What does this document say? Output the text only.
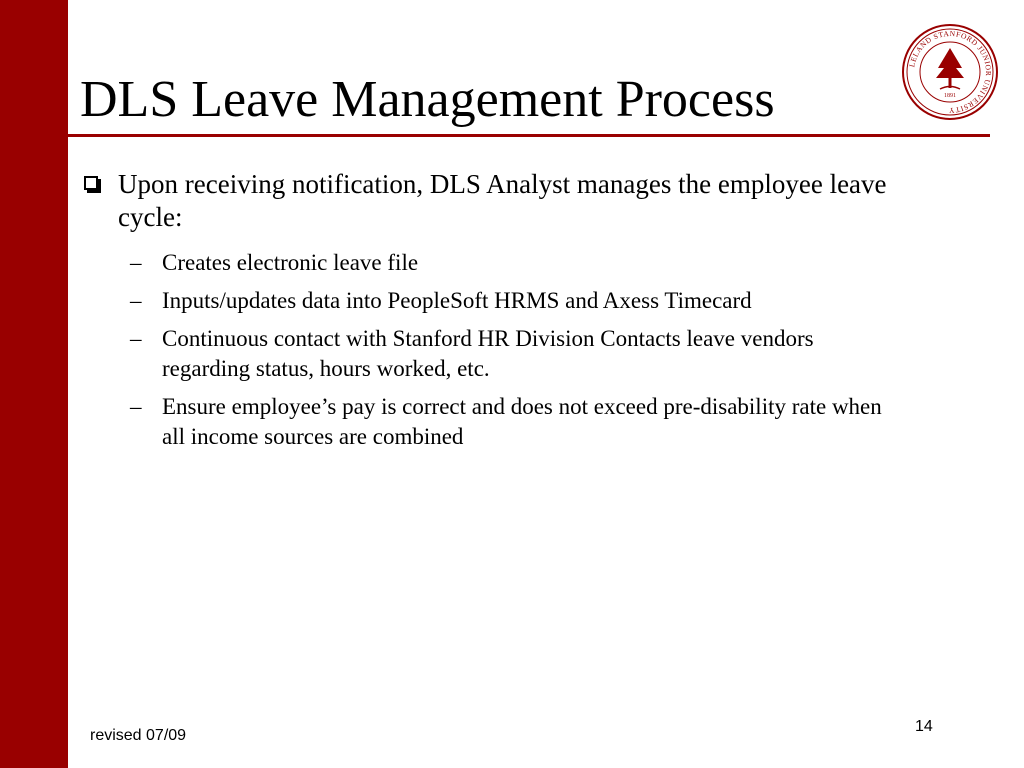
DLS Leave Management Process
LELAND STANFORD JUNIOR UNIVERSITY
1891
Upon receiving notification, DLS Analyst manages the employee leave cycle:
– Creates electronic leave file
– Inputs/updates data into PeopleSoft HRMS and Axess Timecard
– Continuous contact with Stanford HR Division Contacts leave vendors regarding status, hours worked, etc.
– Ensure employee’s pay is correct and does not exceed pre-disability rate when all income sources are combined
revised 07/09
14
